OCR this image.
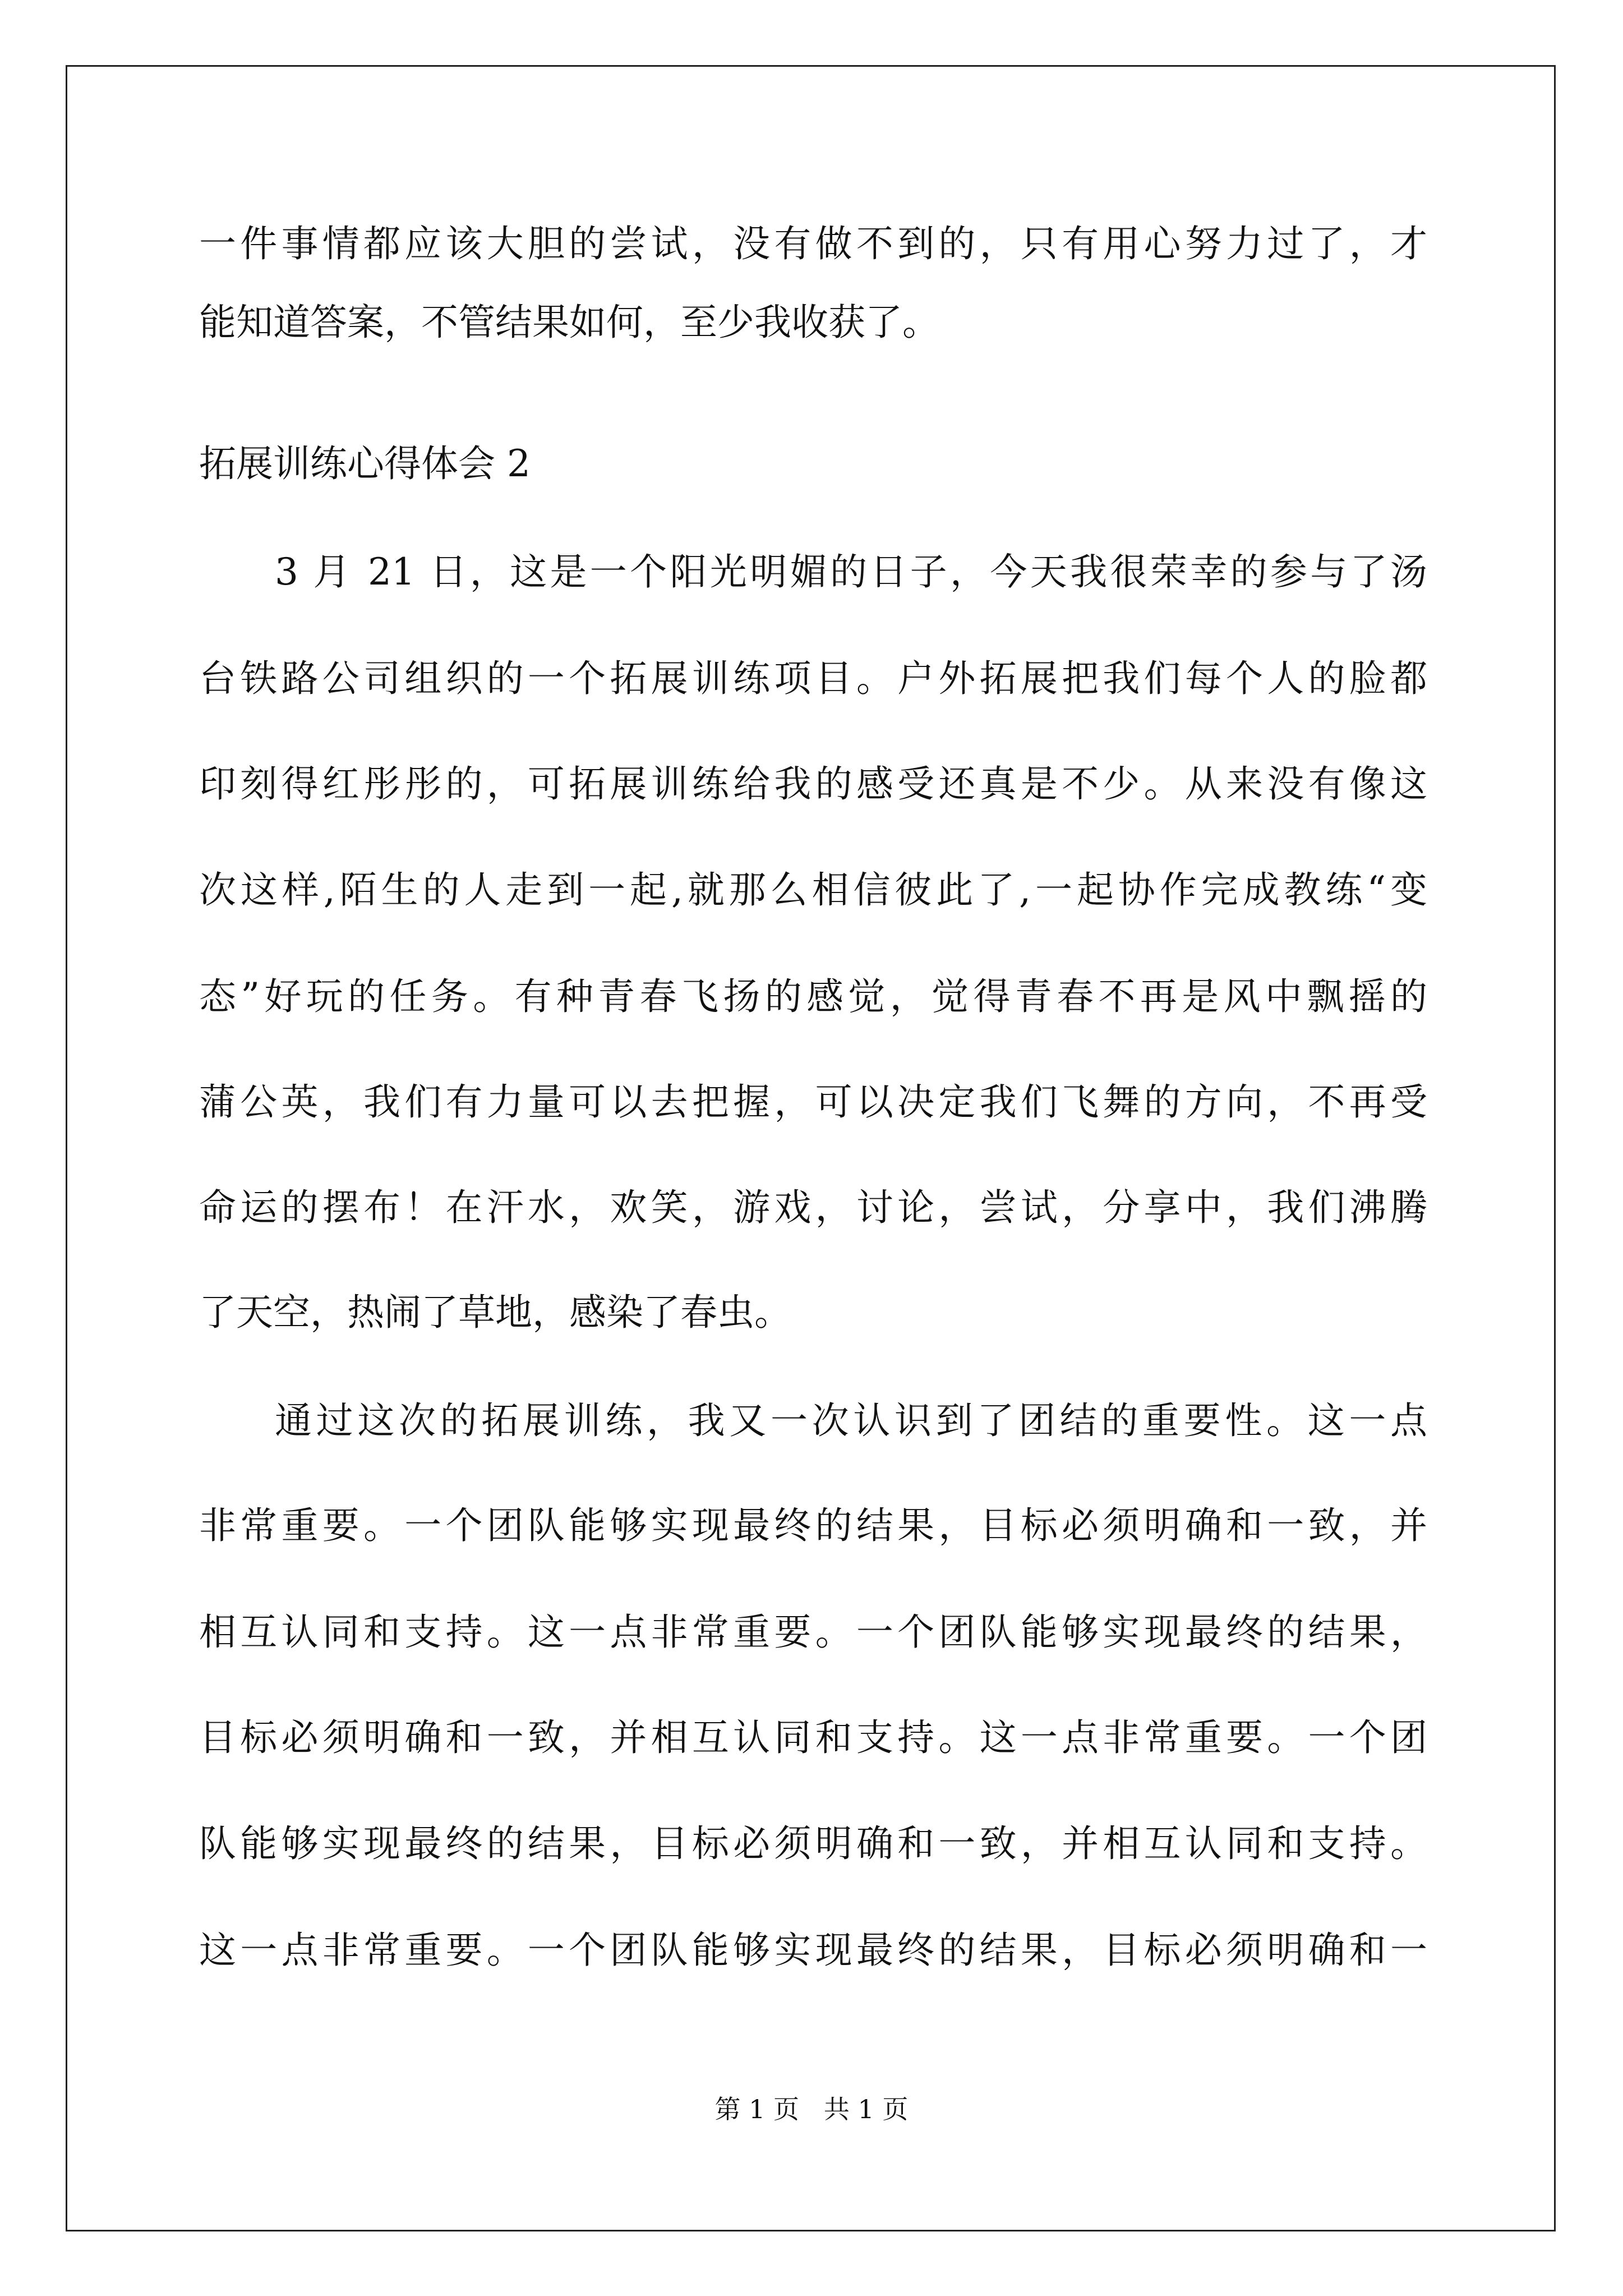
一件事情都应该大胆的尝试，没有做不到的，只有用心努力过了，才
能知道答案，不管结果如何，至少我收获了。
拓展训练心得体会 2
3 月 21 日，这是一个阳光明媚的日子，今天我很荣幸的参与了汤
台铁路公司组织的一个拓展训练项目。户外拓展把我们每个人的脸都
印刻得红彤彤的，可拓展训练给我的感受还真是不少。从来没有像这
次这样,陌生的人走到一起,就那么相信彼此了,一起协作完成教练“变
态”好玩的任务。有种青春飞扬的感觉，觉得青春不再是风中飘摇的
蒲公英，我们有力量可以去把握，可以决定我们飞舞的方向，不再受
命运的摆布！在汗水，欢笑，游戏，讨论，尝试，分享中，我们沸腾
了天空，热闹了草地，感染了春虫。
通过这次的拓展训练，我又一次认识到了团结的重要性。这一点
非常重要。一个团队能够实现最终的结果，目标必须明确和一致，并
相互认同和支持。这一点非常重要。一个团队能够实现最终的结果，
目标必须明确和一致，并相互认同和支持。这一点非常重要。一个团
队能够实现最终的结果，目标必须明确和一致，并相互认同和支持。
这一点非常重要。一个团队能够实现最终的结果，目标必须明确和一
第 1 页   共 1 页
